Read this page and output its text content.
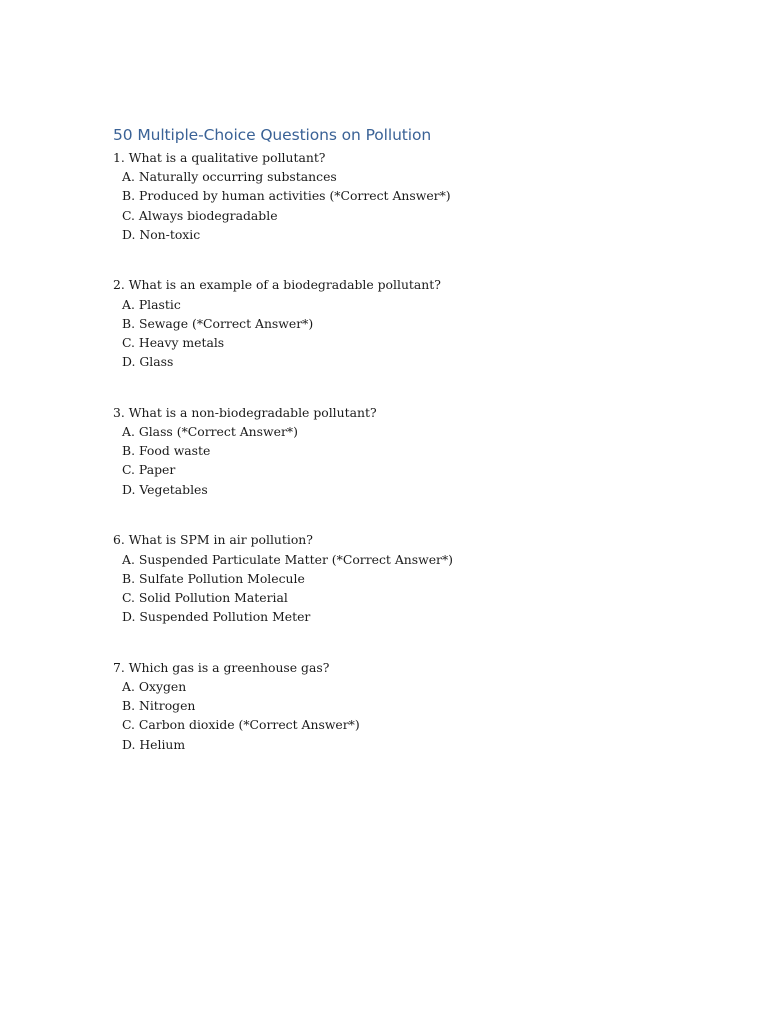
50 Multiple-Choice Questions on Pollution
1. What is a qualitative pollutant?
A. Naturally occurring substances
B. Produced by human activities (*Correct Answer*)
C. Always biodegradable
D. Non-toxic
2. What is an example of a biodegradable pollutant?
A. Plastic
B. Sewage (*Correct Answer*)
C. Heavy metals
D. Glass
3. What is a non-biodegradable pollutant?
A. Glass (*Correct Answer*)
B. Food waste
C. Paper
D. Vegetables
6. What is SPM in air pollution?
A. Suspended Particulate Matter (*Correct Answer*)
B. Sulfate Pollution Molecule
C. Solid Pollution Material
D. Suspended Pollution Meter
7. Which gas is a greenhouse gas?
A. Oxygen
B. Nitrogen
C. Carbon dioxide (*Correct Answer*)
D. Helium
